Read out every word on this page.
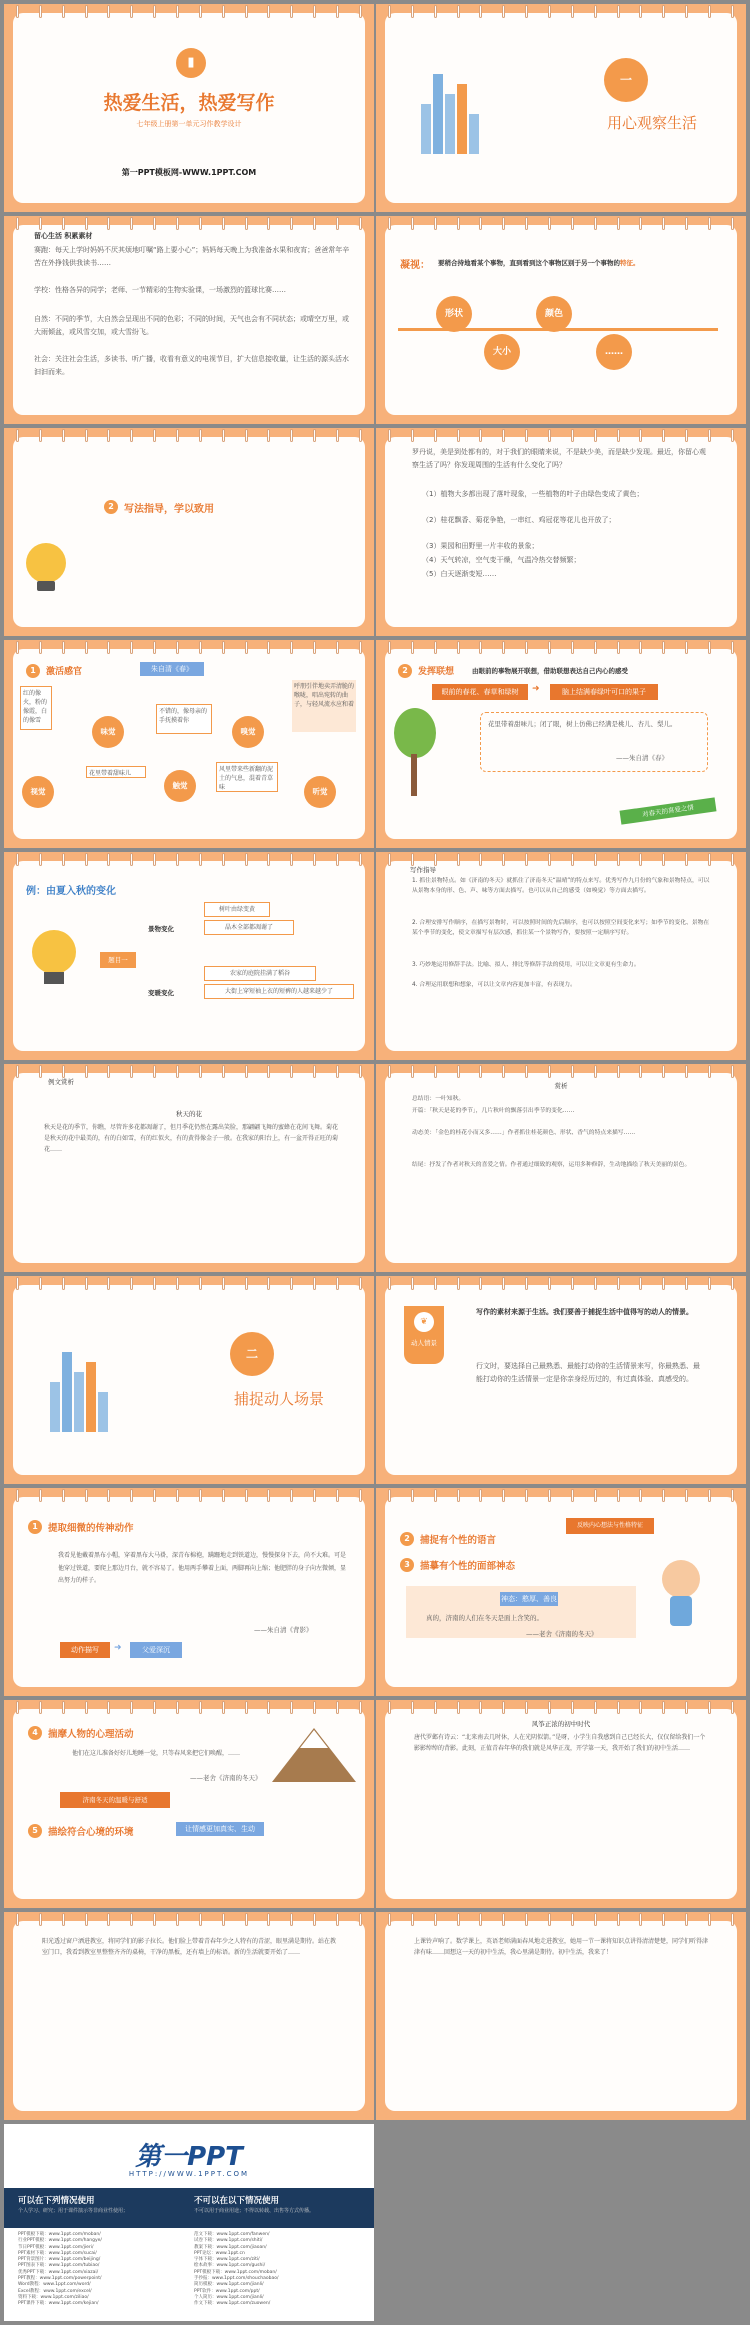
▮
热爱生活，热爱写作
七年级上册第一单元习作教学设计
第一PPT模板网-WWW.1PPT.COM
一
用心观察生活
留心生活 积累素材
赛跑：每天上学时妈妈不厌其烦地叮嘱“路上要小心”；妈妈每天晚上为我准备水果和夜宵；爸爸常年辛苦在外挣钱供我读书……
学校：性格各异的同学；老师、一节精彩的生物实验课，一场激烈的篮球比赛……
自然：不同的季节，大自然会呈现出不同的色彩；不同的时间，天气也会有不同状态；或晴空万里，或大雨倾盆，或风雪交加，或大雪纷飞。
社会：关注社会生活，多读书、听广播，收看有意义的电视节目，扩大信息接收量，让生活的源头活水汩汩而来。
凝视： 要稍合持地看某个事物，直到看到这个事物区别于另一个事物的特征。
形状	颜色
大小	……
2	写法指导，学以致用
罗丹说，美是到处都有的，对于我们的眼睛来说，不是缺少美，而是缺少发现。最近，你留心观察生活了吗？你发现周围的生活有什么变化了吗？
（1）植物大多都出现了落叶现象，一些植物的叶子由绿色变成了黄色；
（2）桂花飘香、菊花争艳，一串红、鸡冠花等花儿也开放了；
（3）果园和田野里一片丰收的景象；
（4）天气转凉，空气变干燥，气温冷热交替频繁；
（5）白天逐渐变短……
1	激活感官	朱自清《春》
红的像火，粉的像霞，白的像雪
视觉
味觉
花里带着甜味儿
不错的，像母亲的手抚摸着你
触觉
嗅觉
风里带来些新翻的泥土的气息，混着青草味
呼朋引伴地卖弄清脆的喉咙，唱出宛转的曲子，与轻风流水应和着
听觉
2	发挥联想	由眼前的事物展开联想，借助联想表达自己内心的感受
眼前的春花、春草和绿树	➜	脑上结满春绿叶可口的果子
花里带着甜味儿；闭了眼，树上仿佛已经满是桃儿、杏儿、梨儿。
——朱自清《春》
对春天的喜爱之情
例：由夏入秋的变化
题目一
景物变化
变暖变化
树叶由绿变黄
晶木全部都凋谢了
农家的庭院挂满了稻谷
大街上穿短袖上衣的短裤的人越来越少了
写作指导
1. 抓住景物特点。如《济南的冬天》就抓住了济南冬天“温晴”的特点来写。优秀写作九月份的气象和景物特点，可以从景物本身的形、色、声、味等方面去描写。也可以从自己的感受（如嗅觉）等方面去描写。
2. 合理安排写作顺序，在描写景物时，可以按照时间的先后顺序，也可以按照空间变化来写；如季节的变化、景物在某个季节的变化，使文章描写有层次感，抓住某一个景物写作，要按照一定顺序写好。
3. 巧妙地运用修辞手法。比喻、拟人、排比等修辞手法的使用，可以让文章更有生命力。
4. 合理运用联想和想象，可以让文章内容更加丰富，有表现力。
例文赏析
秋天的花
秋天是花的季节，你瞧，尽管许多花都凋谢了，但月季花仍然在露出笑脸，那翩翩飞舞的蜜蜂在花间飞舞。菊花是秋天的花中最美的，有的白如雪，有的红似火，有的黄得像金子一般。在我家的阳台上，有一盆开得正旺的菊花……
赏析
总结语：一叶知秋。
开篇：「秋天是花的季节」，几片秋叶的飘落引出季节的变化……
动态美：「金色的桂花小而又多……」作者抓住桂花颜色、形状、香气的特点来描写……
结尾：抒发了作者对秋天的喜爱之情。作者通过细致的观察，运用多种修辞，生动地描绘了秋天美丽的景色。
二
捕捉动人场景
❦
动人情景
写作的素材来源于生活。我们要善于捕捉生活中值得写的动人的情景。
行文时，要选择自己最熟悉、最能打动你的生活情景来写，你最熟悉、最能打动你的生活情景一定是你亲身经历过的，有过真体验、真感受的。
1	提取细微的传神动作
我看见他戴着黑布小帽，穿着黑布大马褂，深青布棉袍，蹒跚地走到铁道边，慢慢探身下去，尚不大难。可是他穿过铁道，要爬上那边月台，就不容易了。他用两手攀着上面，两脚再向上缩；他肥胖的身子向左微倾，显出努力的样子。
——朱自清《背影》
动作描写	➜	父爱深沉
2	捕捉有个性的语言
反映内心想法与性格特征
3	描摹有个性的面部神态
神态：憨厚、善良
真的，济南的人们在冬天是面上含笑的。
——老舍《济南的冬天》
4	揣摩人物的心理活动
他们在这儿准备好好儿地睡一觉，只等春风来把它们唤醒，……
——老舍《济南的冬天》
济南冬天的温暖与舒适
5	描绘符合心境的环境	让情感更加真实、生动
风筝正浓的初中时代
唐代罗邺有诗云：“北来南去几时休，人在光阴似箭。”是呀，小学生自我感到自己已经长大，仅仅留给我们一个影影绰绰的背影。此刻，正值青春年华的我们就是风华正茂，开学第一天，我开始了我们的初中生活……
阳光透过窗户洒进教室，将同学们的影子拉长。他们脸上带着青春年少之人特有的青涩，眼里满是期待。站在教室门口，我看到教室里整整齐齐的桌椅，干净的黑板，还有墙上的标语。新的生活就要开始了……
上课铃声响了。数学课上，英语老师满面春风地走进教室，她用一节一课将知识点讲得清清楚楚，同学们听得津津有味……回想这一天的初中生活，我心里满是期待。初中生活，我来了！
第一PPT
HTTP://WWW.1PPT.COM
可以在下列情况使用
个人学习、研究；用于课件演示等非商业性使用；
不可以在以下情况使用
不可以用于商业用途；不得以转载、出售等方式传播。
PPT模板下载：www.1ppt.com/moban/
行业PPT模板：www.1ppt.com/hangye/
节日PPT模板：www.1ppt.com/jieri/
PPT素材下载：www.1ppt.com/sucai/
PPT背景图片：www.1ppt.com/beijing/
PPT图表下载：www.1ppt.com/tubiao/
优秀PPT下载：www.1ppt.com/xiazai/
PPT教程：www.1ppt.com/powerpoint/
Word教程：www.1ppt.com/word/
Excel教程：www.1ppt.com/excel/
资料下载：www.1ppt.com/ziliao/
PPT课件下载：www.1ppt.com/kejian/
范文下载：www.1ppt.com/fanwen/
试卷下载：www.1ppt.com/shiti/
教案下载：www.1ppt.com/jiaoan/
PPT论坛：www.1ppt.cn
字体下载：www.1ppt.com/ziti/
绘本故事：www.1ppt.com/gushi/
PPT模板下载：www.1ppt.com/moban/
手抄报：www.1ppt.com/shouchaobao/
简历模板：www.1ppt.com/jianli/
PPT软件：www.1ppt.com/ppt/
个人简历：www.1ppt.com/jianli/
作文下载：www.1ppt.com/zuowen/
